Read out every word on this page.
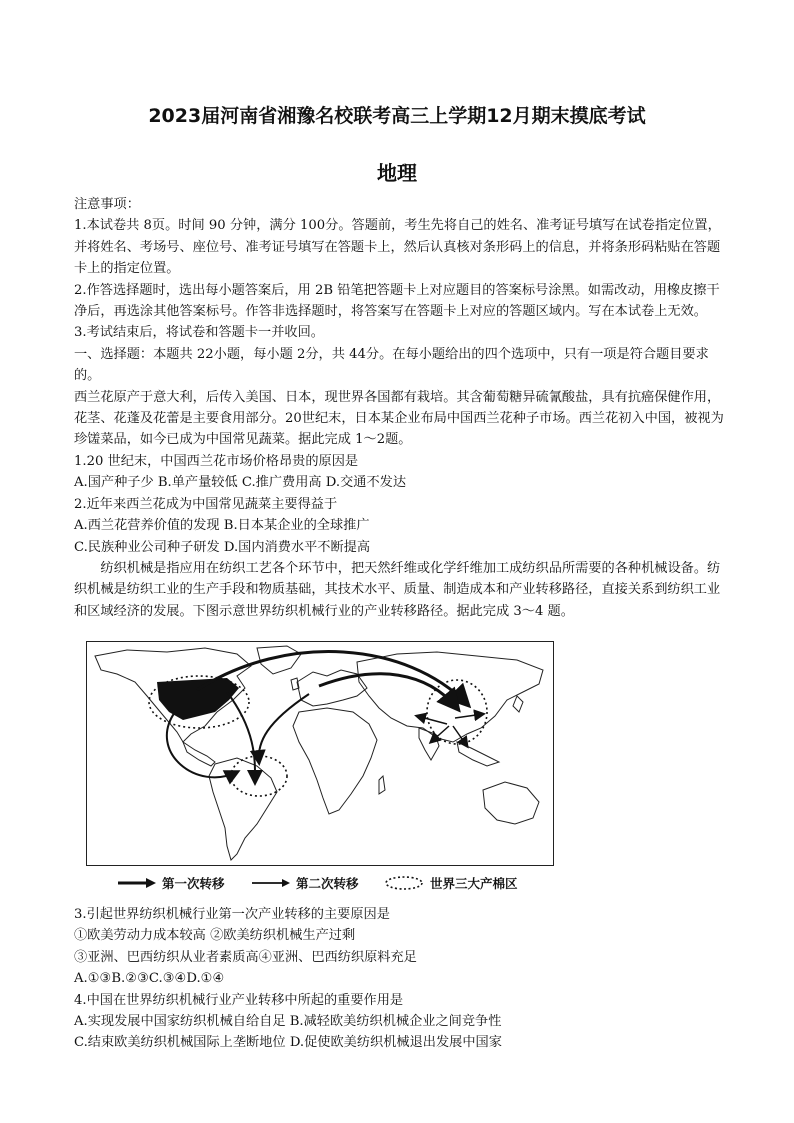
2023届河南省湘豫名校联考高三上学期12月期末摸底考试
地理

注意事项：

1.本试卷共 8页。时间 90 分钟，满分 100分。答题前，考生先将自己的姓名、准考证号填写在试卷指定位置，并将姓名、考场号、座位号、准考证号填写在答题卡上，然后认真核对条形码上的信息，并将条形码粘贴在答题卡上的指定位置。

2.作答选择题时，选出每小题答案后，用 2B 铅笔把答题卡上对应题目的答案标号涂黑。如需改动，用橡皮擦干净后，再选涂其他答案标号。作答非选择题时，将答案写在答题卡上对应的答题区域内。写在本试卷上无效。

3.考试结束后，将试卷和答题卡一并收回。

一、选择题：本题共 22小题，每小题 2分，共 44分。在每小题给出的四个选项中，只有一项是符合题目要求的。

西兰花原产于意大利，后传入美国、日本，现世界各国都有栽培。其含葡萄糖异硫氰酸盐，具有抗癌保健作用，花茎、花蓬及花蕾是主要食用部分。20世纪末，日本某企业布局中国西兰花种子市场。西兰花初入中国，被视为珍馐菜品，如今已成为中国常见蔬菜。据此完成 1～2题。

1.20 世纪末，中国西兰花市场价格昂贵的原因是

A.国产种子少 B.单产量较低 C.推广费用高 D.交通不发达

2.近年来西兰花成为中国常见蔬菜主要得益于

A.西兰花营养价值的发现 B.日本某企业的全球推广

C.民族种业公司种子研发 D.国内消费水平不断提高

纺织机械是指应用在纺织工艺各个环节中，把天然纤维或化学纤维加工成纺织品所需要的各种机械设备。纺织机械是纺织工业的生产手段和物质基础，其技术水平、质量、制造成本和产业转移路径，直接关系到纺织工业和区域经济的发展。下图示意世界纺织机械行业的产业转移路径。据此完成 3～4 题。

第一次转移	第二次转移	世界三大产棉区

3.引起世界纺织机械行业第一次产业转移的主要原因是

①欧美劳动力成本较高 ②欧美纺织机械生产过剩

③亚洲、巴西纺织从业者素质高④亚洲、巴西纺织原料充足

A.①③B.②③C.③④D.①④

4.中国在世界纺织机械行业产业转移中所起的重要作用是

A.实现发展中国家纺织机械自给自足 B.减轻欧美纺织机械企业之间竞争性

C.结束欧美纺织机械国际上垄断地位 D.促使欧美纺织机械退出发展中国家
